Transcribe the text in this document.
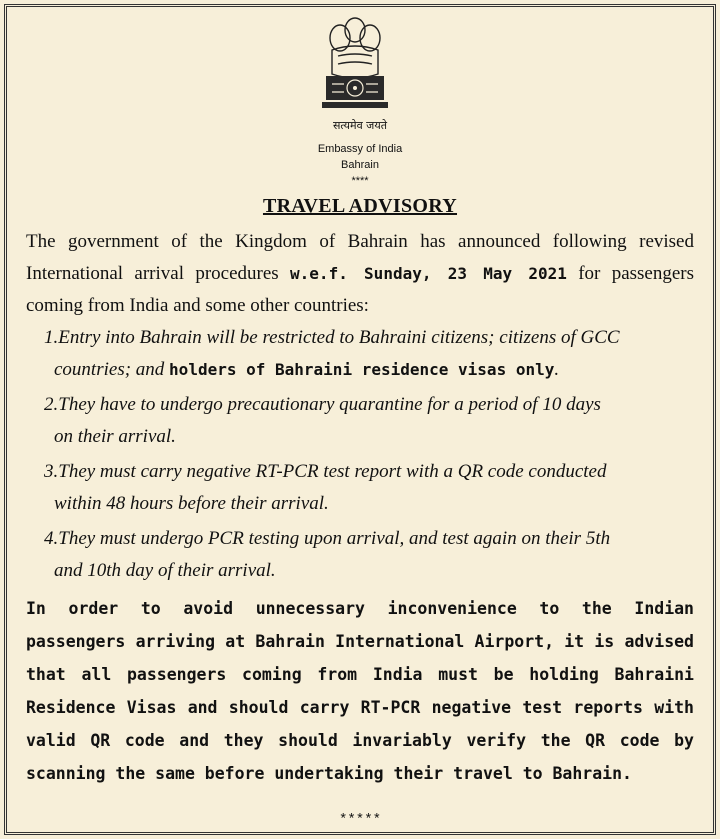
सत्यमेव जयते
Embassy of India
Bahrain
****
TRAVEL ADVISORY
The government of the Kingdom of Bahrain has announced following revised International arrival procedures w.e.f. Sunday, 23 May 2021 for passengers coming from India and some other countries:
1.Entry into Bahrain will be restricted to Bahraini citizens; citizens of GCC
countries; and holders of Bahraini residence visas only.
2.They have to undergo precautionary quarantine for a period of 10 days
on their arrival.
3.They must carry negative RT-PCR test report with a QR code conducted
within 48 hours before their arrival.
4.They must undergo PCR testing upon arrival, and test again on their 5th
and 10th day of their arrival.
In order to avoid unnecessary inconvenience to the Indian passengers arriving at Bahrain International Airport, it is advised that all passengers coming from India must be holding Bahraini Residence Visas and should carry RT-PCR negative test reports with valid QR code and they should invariably verify the QR code by scanning the same before undertaking their travel to Bahrain.
*****
